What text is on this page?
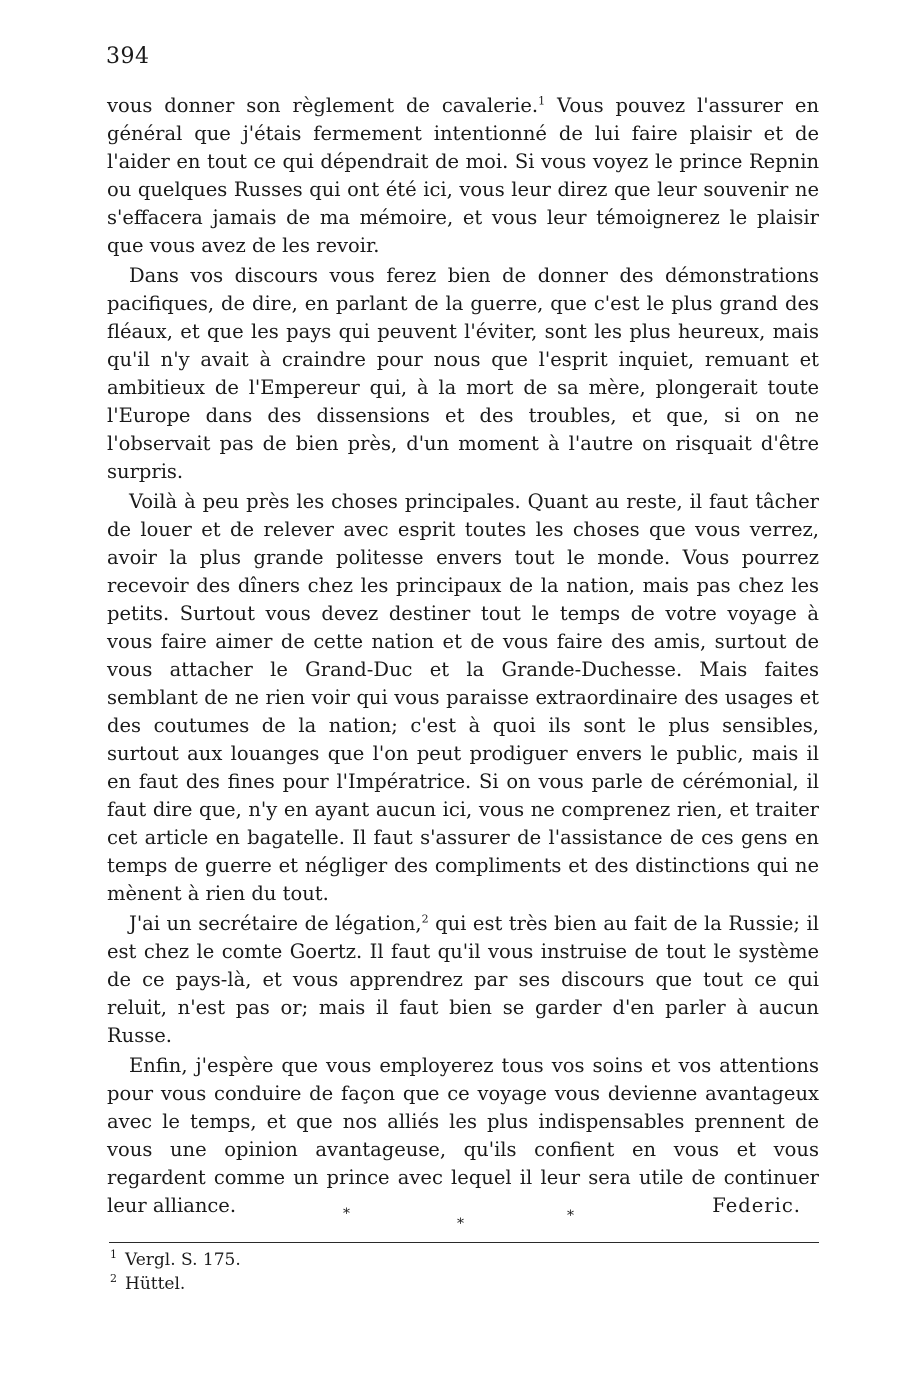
394

vous donner son règlement de cavalerie.$^1$ Vous pouvez l'assurer en général que j'étais fermement intentionné de lui faire plaisir et de l'aider en tout ce qui dépendrait de moi. Si vous voyez le prince Repnin ou quelques Russes qui ont été ici, vous leur direz que leur souvenir ne s'effacera jamais de ma mémoire, et vous leur témoignerez le plaisir que vous avez de les revoir.

Dans vos discours vous ferez bien de donner des démonstrations pacifiques, de dire, en parlant de la guerre, que c'est le plus grand des fléaux, et que les pays qui peuvent l'éviter, sont les plus heureux, mais qu'il n'y avait à craindre pour nous que l'esprit inquiet, remuant et ambitieux de l'Empereur qui, à la mort de sa mère, plongerait toute l'Europe dans des dissensions et des troubles, et que, si on ne l'observait pas de bien près, d'un moment à l'autre on risquait d'être surpris.

Voilà à peu près les choses principales. Quant au reste, il faut tâcher de louer et de relever avec esprit toutes les choses que vous verrez, avoir la plus grande politesse envers tout le monde. Vous pourrez recevoir des dîners chez les principaux de la nation, mais pas chez les petits. Surtout vous devez destiner tout le temps de votre voyage à vous faire aimer de cette nation et de vous faire des amis, surtout de vous attacher le Grand-Duc et la Grande-Duchesse. Mais faites semblant de ne rien voir qui vous paraisse extraordinaire des usages et des coutumes de la nation; c'est à quoi ils sont le plus sensibles, surtout aux louanges que l'on peut prodiguer envers le public, mais il en faut des fines pour l'Impératrice. Si on vous parle de cérémonial, il faut dire que, n'y en ayant aucun ici, vous ne comprenez rien, et traiter cet article en bagatelle. Il faut s'assurer de l'assistance de ces gens en temps de guerre et négliger des compliments et des distinctions qui ne mènent à rien du tout.

J'ai un secrétaire de légation,$^2$ qui est très bien au fait de la Russie; il est chez le comte Goertz. Il faut qu'il vous instruise de tout le système de ce pays-là, et vous apprendrez par ses discours que tout ce qui reluit, n'est pas or; mais il faut bien se garder d'en parler à aucun Russe.

Enfin, j'espère que vous employerez tous vos soins et vos attentions pour vous conduire de façon que ce voyage vous devienne avantageux avec le temps, et que nos alliés les plus indispensables prennent de vous une opinion avantageuse, qu'ils confient en vous et vous regardent comme un prince avec lequel il leur sera utile de continuer leur alliance.	*
*	*	Federic.
$^1$ Vergl. S. 175.
$^2$ Hüttel.
